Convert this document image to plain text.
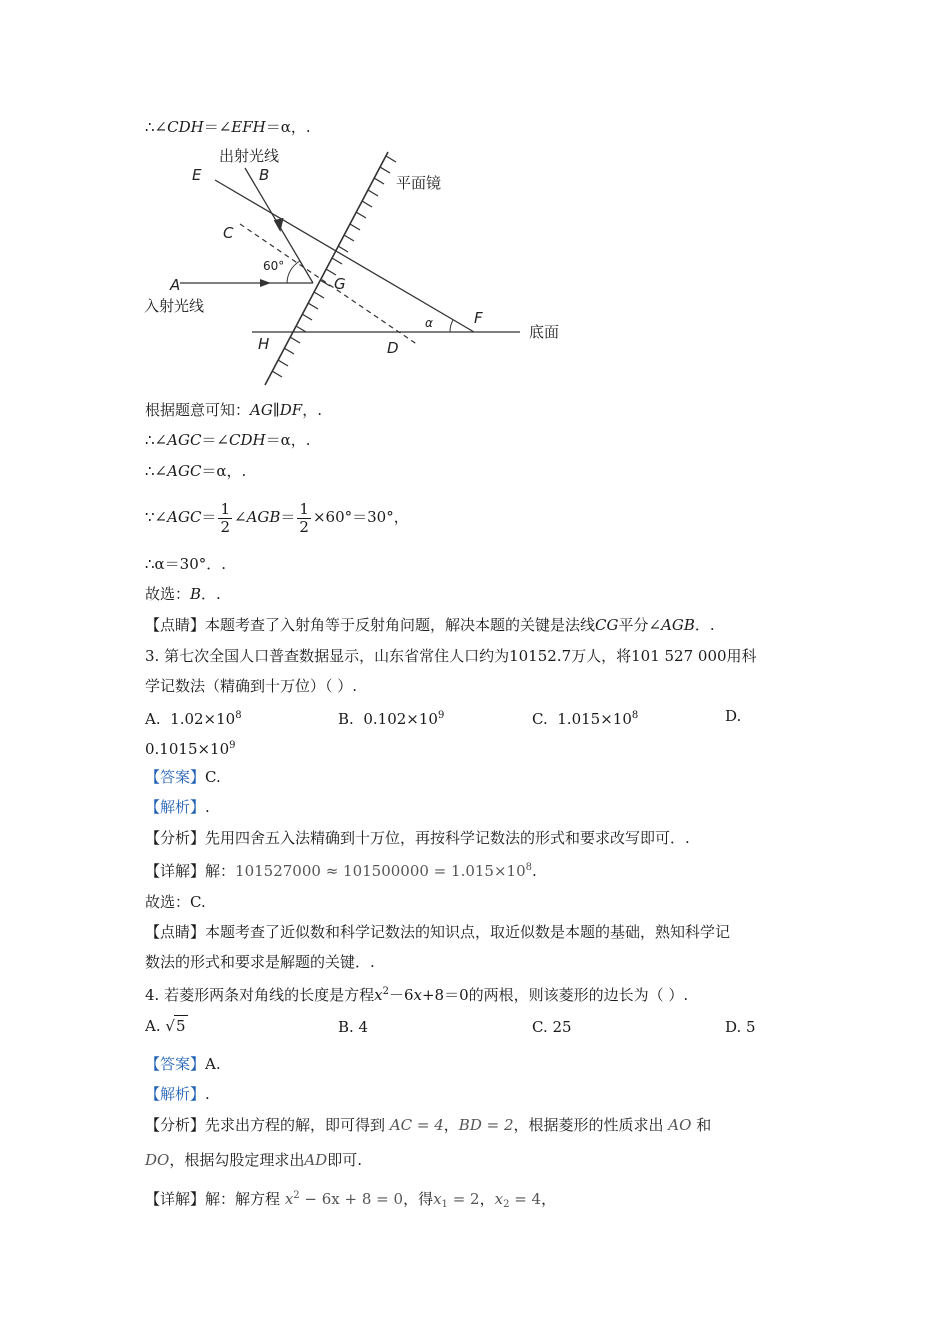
∴∠CDH＝∠EFH＝α，.
出射光线
平面镜
入射光线
底面
60°
α
E	B
C
A	G
F
H	D
根据题意可知：AG∥DF，.
∴∠AGC＝∠CDH＝α，.
∴∠AGC＝α，.
∵∠AGC＝ $\frac{1}{2}$ ∠AGB＝ $\frac{1}{2} \times 60^\circ=30^\circ$，
∴α＝30°．.
故选：B．.
【点睛】本题考查了入射角等于反射角问题，解决本题的关键是法线CG平分∠AGB．.
3. 第七次全国人口普查数据显示，山东省常住人口约为10152.7万人，将101 527 000用科
学记数法（精确到十万位）（ ）.
A. $1.02\times 10^8$	B. $0.102\times 10^9$	C. $1.015\times 10^8$	D.
$0.1015\times 10^9$
【答案】C.
【解析】.
【分析】先用四舍五入法精确到十万位，再按科学记数法的形式和要求改写即可．.
【详解】解：$101527000 \approx 101500000 = 1.015\times 10^8$.
故选：C.
【点睛】本题考查了近似数和科学记数法的知识点，取近似数是本题的基础，熟知科学记
数法的形式和要求是解题的关键．.
4. 若菱形两条对角线的长度是方程$x^2-6x+8=0$的两根，则该菱形的边长为（ ）.
A. √5	B. 4	C. 25	D. 5
【答案】A.
【解析】.
【分析】先求出方程的解，即可得到 AC = 4，BD = 2，根据菱形的性质求出 AO 和
DO，根据勾股定理求出AD即可.
【详解】解：解方程 $x^2 - 6x + 8 = 0$，得$x_1 = 2$，$x_2 = 4$，
